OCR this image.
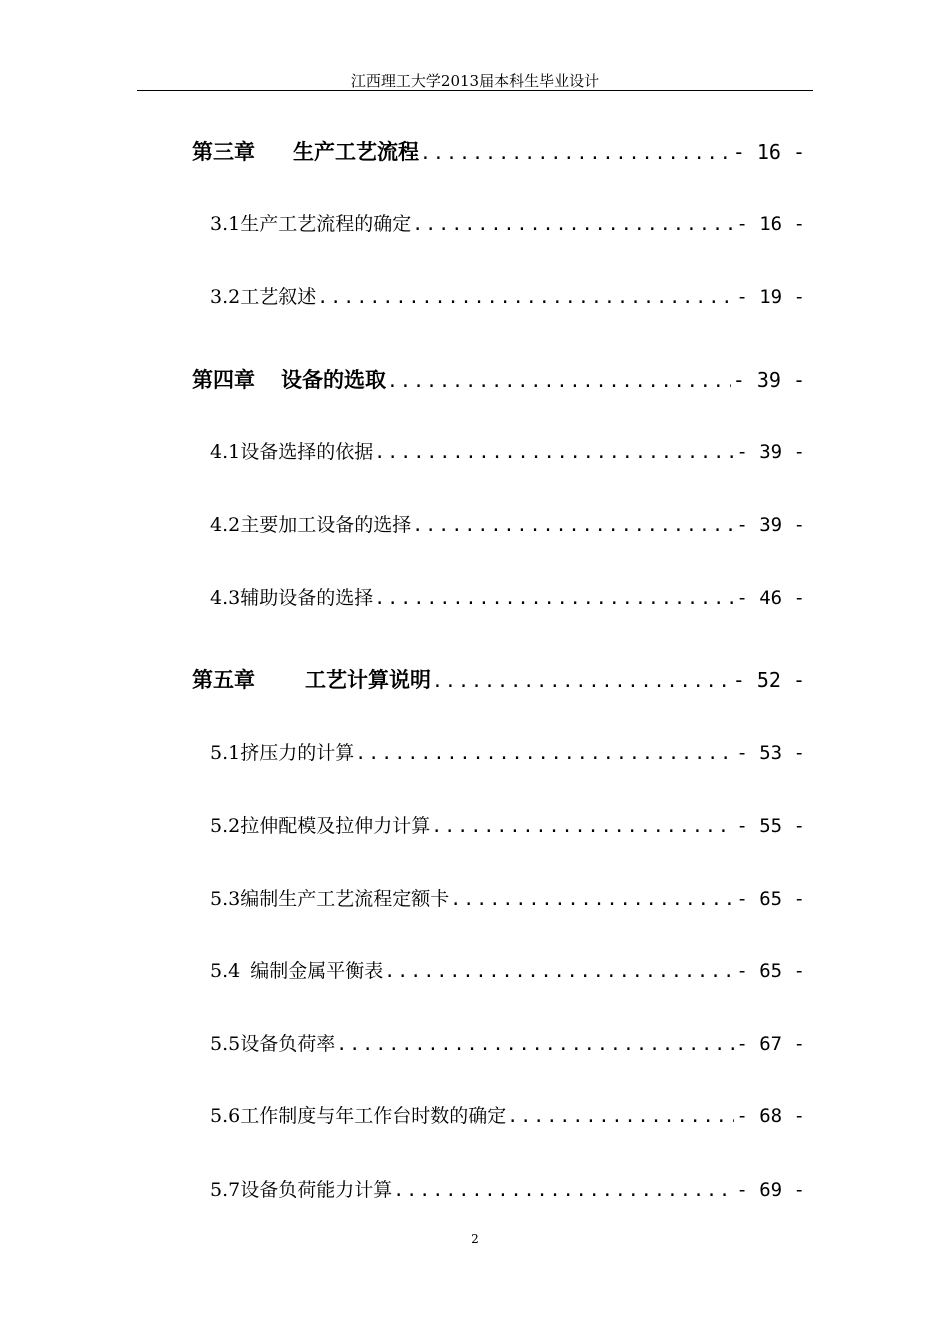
江西理工大学2013届本科生毕业设计
第三章 生产工艺流程 .....	- 16 -
3.1生产工艺流程的确定 .....	- 16 -
3.2工艺叙述 .....	- 19 -
第四章 设备的选取 .....	- 39 -
4.1设备选择的依据 .....	- 39 -
4.2主要加工设备的选择 .....	- 39 -
4.3辅助设备的选择 .....	- 46 -
第五章 工艺计算说明 .....	- 52 -
5.1挤压力的计算 .....	- 53 -
5.2拉伸配模及拉伸力计算 .....	- 55 -
5.3编制生产工艺流程定额卡 .....	- 65 -
5.4 编制金属平衡表 .....	- 65 -
5.5设备负荷率 .....	- 67 -
5.6工作制度与年工作台时数的确定 .....	- 68 -
5.7设备负荷能力计算 .....	- 69 -
2
